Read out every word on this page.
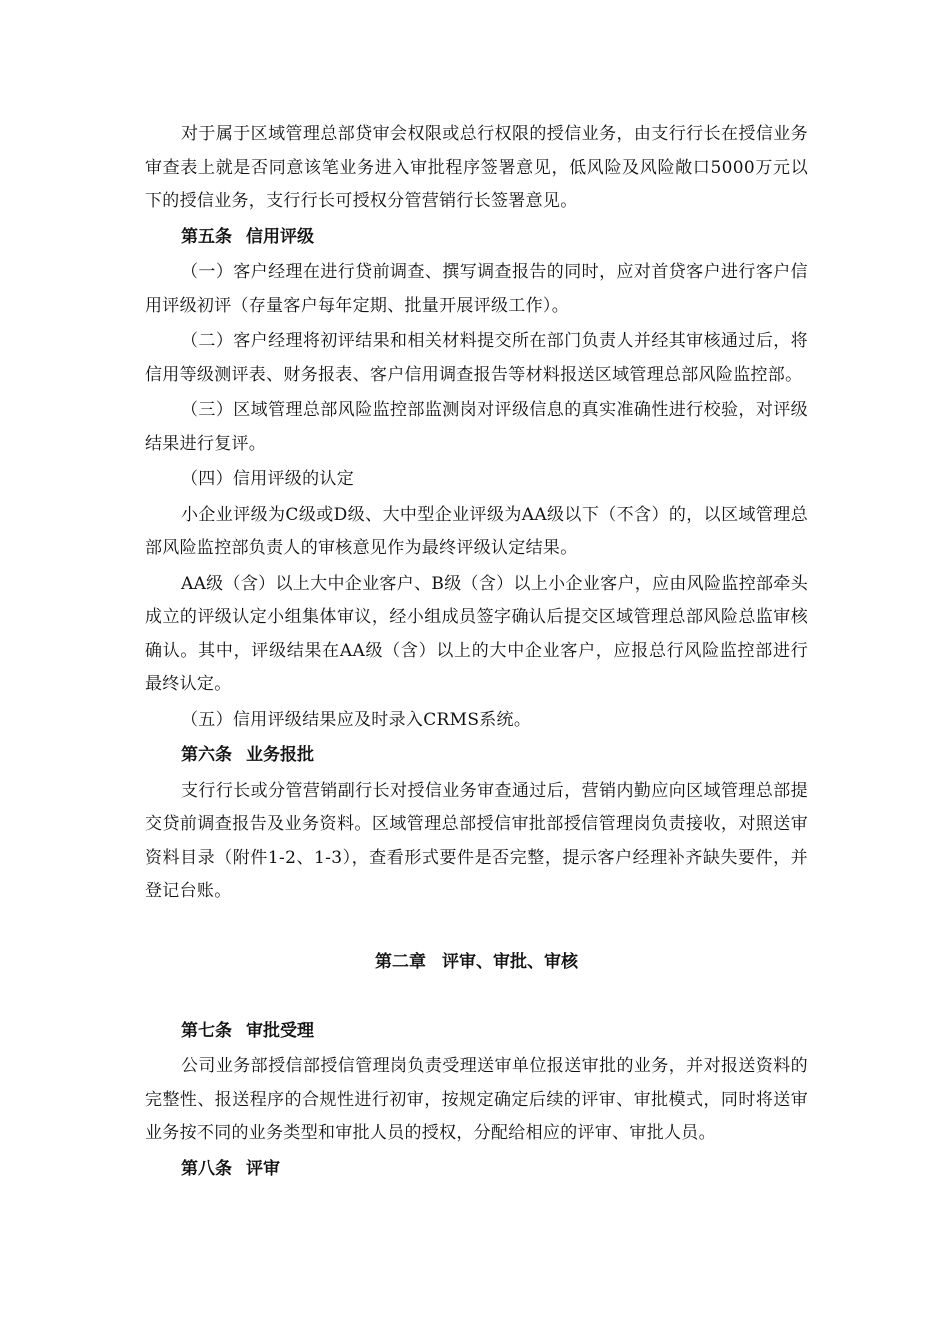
对于属于区域管理总部贷审会权限或总行权限的授信业务，由支行行长在授信业务审查表上就是否同意该笔业务进入审批程序签署意见，低风险及风险敞口5000万元以下的授信业务，支行行长可授权分管营销行长签署意见。

第五条 信用评级

（一）客户经理在进行贷前调查、撰写调查报告的同时，应对首贷客户进行客户信用评级初评（存量客户每年定期、批量开展评级工作）。

（二）客户经理将初评结果和相关材料提交所在部门负责人并经其审核通过后，将信用等级测评表、财务报表、客户信用调查报告等材料报送区域管理总部风险监控部。

（三）区域管理总部风险监控部监测岗对评级信息的真实准确性进行校验，对评级结果进行复评。

（四）信用评级的认定

小企业评级为C级或D级、大中型企业评级为AA级以下（不含）的，以区域管理总部风险监控部负责人的审核意见作为最终评级认定结果。

AA级（含）以上大中企业客户、B级（含）以上小企业客户，应由风险监控部牵头成立的评级认定小组集体审议，经小组成员签字确认后提交区域管理总部风险总监审核确认。其中，评级结果在AA级（含）以上的大中企业客户，应报总行风险监控部进行最终认定。

（五）信用评级结果应及时录入CRMS系统。

第六条 业务报批

支行行长或分管营销副行长对授信业务审查通过后，营销内勤应向区域管理总部提交贷前调查报告及业务资料。区域管理总部授信审批部授信管理岗负责接收，对照送审资料目录（附件1-2、1-3），查看形式要件是否完整，提示客户经理补齐缺失要件，并登记台账。

第二章 评审、审批、审核
第七条 审批受理

公司业务部授信部授信管理岗负责受理送审单位报送审批的业务，并对报送资料的完整性、报送程序的合规性进行初审，按规定确定后续的评审、审批模式，同时将送审业务按不同的业务类型和审批人员的授权，分配给相应的评审、审批人员。

第八条 评审
